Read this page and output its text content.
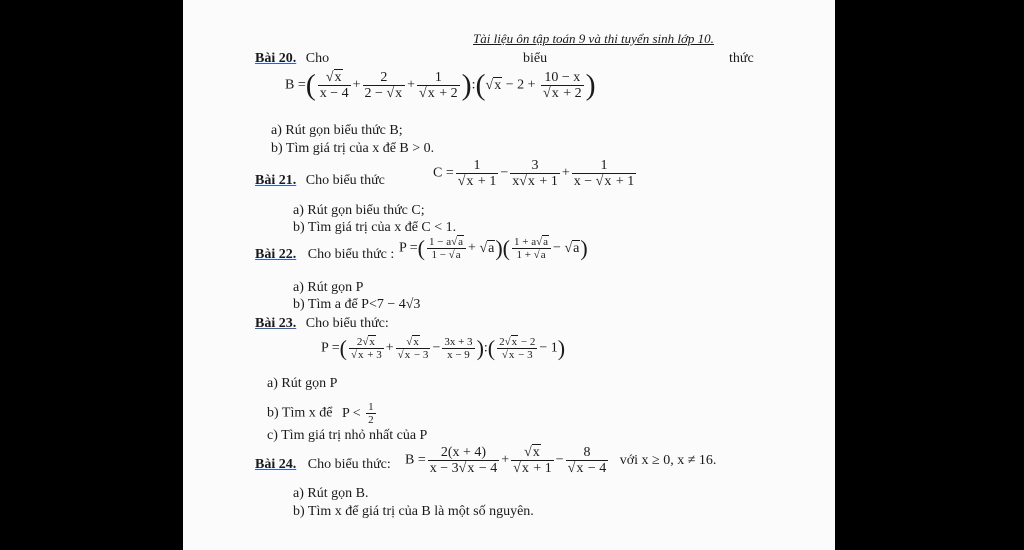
Tài liệu ôn tập toán 9 và thi tuyển sinh lớp 10.
Bài 20. Cho	biểu	thức
B =( √ $\frac{x}{x - 4} + \frac{2}{2 - √ x} + 1$
√ x + 2 ):( √ x − 2 + 10 − x
√ x + 2 )
a) Rút gọn biểu thức B;
b) Tìm giá trị của x để B > 0.
Bài 21. Cho biểu thức	C = 1
√ $x + 1 - \frac{3}{x √ x + 1} + \frac{1}{x - √ x + 1}$
a) Rút gọn biểu thức C;
b) Tìm giá trị của x để C < 1.
Bài 22. Cho biểu thức : P =( $\frac{1 - a √ a}{1 - √ a}$ + √ $a)( \frac{1 + a √ a}{1 + √ a}$ − √ a)
a) Rút gọn P
b) Tìm a để P<7 − 4√3
Bài 23. Cho biểu thức:
P =( 2 √ x
√ x + 3 + √ x
√ $x - 3 - \frac{3x + 3}{x - 9}$ ):( 2 √ x − 2
√ x − 3 − 1)
a) Rút gọn P
b) Tìm x để $P < \frac{1}{2}$
c) Tìm giá trị nhỏ nhất của P
Bài 24. Cho biểu thức: $B = \frac{2(x + 4)}{x - 3 √ x - 4}$ + √ x
√ x + 1 − 8
√ x − 4 với x ≥ 0, x ≠ 16.
a) Rút gọn B.
b) Tìm x để giá trị của B là một số nguyên.
